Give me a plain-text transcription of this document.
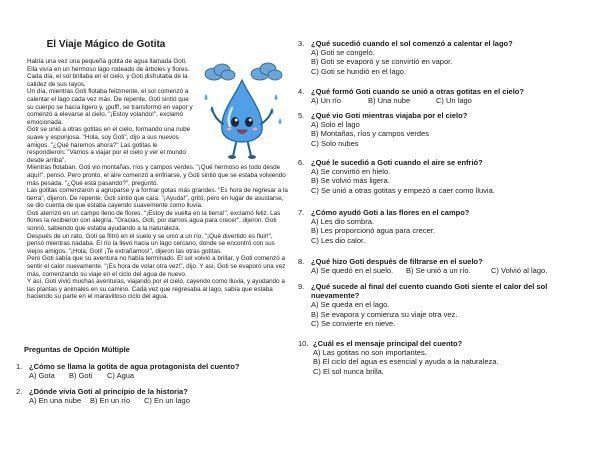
El Viaje Mágico de Gotita

Había una vez una pequeña gotita de agua llamada Goti. Ella vivía en un hermoso lago rodeado de árboles y flores. Cada día, el sol brillaba en el cielo, y Goti disfrutaba de la calidez de sus rayos.

Un día, mientras Goti flotaba felizmente, el sol comenzó a calentar el lago cada vez más. De repente, Goti sintió que su cuerpo se hacía ligero y, ¡puff!, se transformó en vapor y comenzó a elevarse al cielo. "¡Estoy volando!", exclamó emocionada.

Goti se unió a otras gotitas en el cielo, formando una nube suave y esponjosa. "Hola, soy Goti", dijo a sus nuevos amigos. "¿Qué haremos ahora?" Las gotitas le respondieron: "Vamos a viajar por el cielo y ver el mundo desde arriba".

Mientras flotaban, Goti vio montañas, ríos y campos verdes. "¡Qué hermoso es todo desde aquí!", pensó. Pero pronto, el aire comenzó a enfriarse, y Goti sintió que se estaba volviendo más pesada. "¿Qué está pasando?", preguntó.

Las gotitas comenzaron a agruparse y a formar gotas más grandes. "Es hora de regresar a la tierra", dijeron. De repente, Goti sintió que caía. "¡Ayuda!", gritó, pero en lugar de asustarse, se dio cuenta de que estaba cayendo suavemente como lluvia.

Goti aterrizó en un campo lleno de flores. "¡Estoy de vuelta en la tierra!", exclamó feliz. Las flores la recibieron con alegría. "Gracias, Goti, por darnos agua para crecer", dijeron. Goti sonrió, sabiendo que estaba ayudando a la naturaleza.

Después de un rato, Goti se filtró en el suelo y se unió a un río. "¡Qué divertido es fluir!", pensó mientras nadaba. El río la llevó hacia un lago cercano, donde se encontró con sus viejos amigos. "¡Hola, Goti! ¡Te extrañamos!", dijeron las otras gotitas.

Pero Goti sabía que su aventura no había terminado. El sol volvió a brillar, y Goti comenzó a sentir el calor nuevamente. "¡Es hora de volar otra vez!", dijo. Y así, Goti se evaporó una vez más, comenzando su viaje en el ciclo del agua de nuevo.

Y así, Goti vivió muchas aventuras, viajando por el cielo, cayendo como lluvia, y ayudando a las plantas y animales en su camino. Cada vez que regresaba al lago, sabía que estaba haciendo su parte en el maravilloso ciclo del agua.

Preguntas de Opción Múltiple
1. ¿Cómo se llama la gotita de agua protagonista del cuento?
A) Gota	B) Goti	C) Agua
2. ¿Dónde vivía Goti al principio de la historia?
A) En una nube	B) En un río	C) En un lago
3. ¿Qué sucedió cuando el sol comenzó a calentar el lago?
A) Goti se congeló.
B) Goti se evaporó y se convirtió en vapor.
C) Goti se hundió en el lago.
4. ¿Qué formó Goti cuando se unió a otras gotitas en el cielo?
A) Un río	B) Una nube	C) Un lago
5. ¿Qué vio Goti mientras viajaba por el cielo?
A) Solo el lago
B) Montañas, ríos y campos verdes
C) Solo nubes
6. ¿Qué le sucedió a Goti cuando el aire se enfrió?
A) Se convirtió en hielo.
B) Se volvió más ligera.
C) Se unió a otras gotitas y empezó a caer como lluvia.
7. ¿Cómo ayudó Goti a las flores en el campo?
A) Les dio sombra.
B) Les proporcionó agua para crecer.
C) Les dio calor.
8. ¿Qué hizo Goti después de filtrarse en el suelo?
A) Se quedó en el suelo.	B) Se unió a un río.	C) Volvió al lago.
9. ¿Qué sucede al final del cuento cuando Goti siente el calor del sol nuevamente?
A) Se queda en el lago.
B) Se evapora y comienza su viaje otra vez.
C) Se convierte en nieve.
10. ¿Cuál es el mensaje principal del cuento?
A) Las gotitas no son importantes.
B) El ciclo del agua es esencial y ayuda a la naturaleza.
C) El sol nunca brilla.
